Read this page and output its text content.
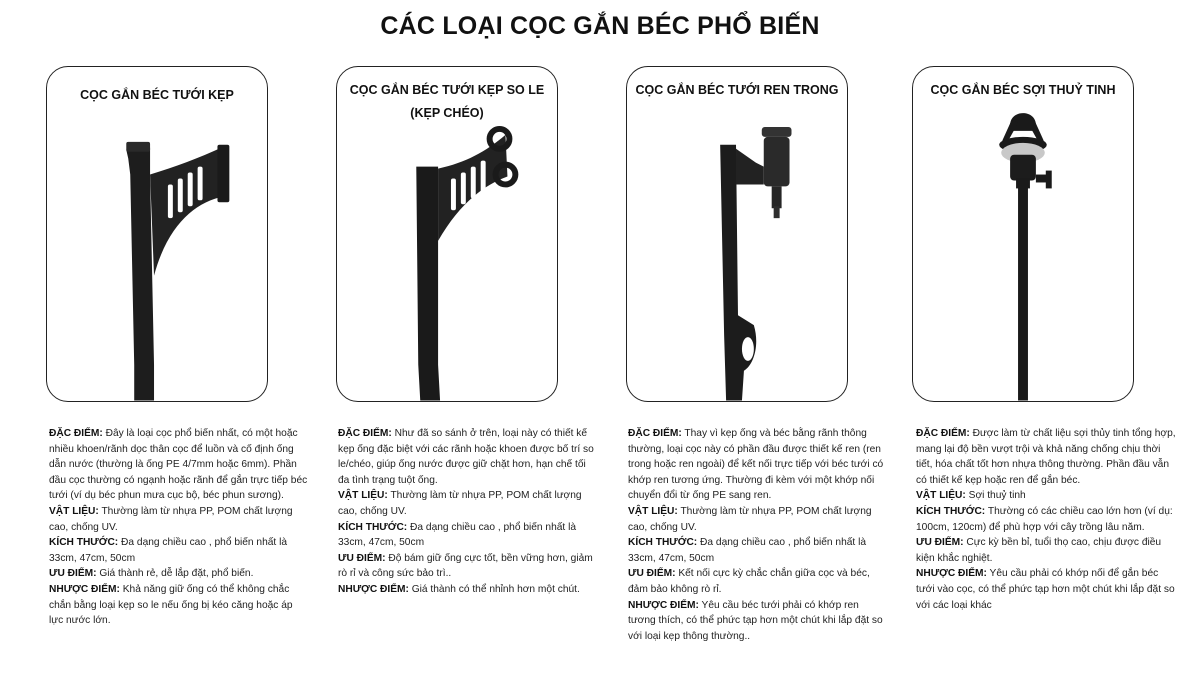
CÁC LOẠI CỌC GẮN BÉC PHỔ BIẾN
CỌC GẮN BÉC TƯỚI KẸP	CỌC GẮN BÉC TƯỚI KẸP SO LE
(KẸP CHÉO)
CỌC GẮN BÉC TƯỚI REN TRONG	CỌC GẮN BÉC SỢI THUỶ TINH

ĐẶC ĐIỂM: Đây là loại cọc phổ biến nhất, có một hoặc nhiều khoen/rãnh dọc thân cọc để luồn và cố định ống dẫn nước (thường là ống PE 4/7mm hoặc 6mm). Phần đầu cọc thường có ngạnh hoặc rãnh để gắn trực tiếp béc tưới (ví dụ béc phun mưa cục bộ, béc phun sương).

VẬT LIỆU: Thường làm từ nhựa PP, POM chất lượng cao, chống UV.

KÍCH THƯỚC: Đa dạng chiều cao , phổ biến nhất là 33cm, 47cm, 50cm

ƯU ĐIỂM: Giá thành rẻ, dễ lắp đặt, phổ biến.

NHƯỢC ĐIỂM: Khả năng giữ ống có thể không chắc chắn bằng loại kẹp so le nếu ống bị kéo căng hoặc áp lực nước lớn.

ĐẶC ĐIỂM: Như đã so sánh ở trên, loại này có thiết kế kẹp ống đặc biệt với các rãnh hoặc khoen được bố trí so le/chéo, giúp ống nước được giữ chặt hơn, hạn chế tối đa tình trạng tuột ống.

VẬT LIỆU: Thường làm từ nhựa PP, POM chất lượng cao, chống UV.

KÍCH THƯỚC: Đa dạng chiều cao , phổ biến nhất là 33cm, 47cm, 50cm

ƯU ĐIỂM: Độ bám giữ ống cực tốt, bền vững hơn, giảm rò rỉ và công sức bảo trì..

NHƯỢC ĐIỂM: Giá thành có thể nhỉnh hơn một chút.

ĐẶC ĐIỂM: Thay vì kẹp ống và béc bằng rãnh thông thường, loại cọc này có phần đầu được thiết kế ren (ren trong hoặc ren ngoài) để kết nối trực tiếp với béc tưới có khớp ren tương ứng. Thường đi kèm với một khớp nối chuyển đổi từ ống PE sang ren.

VẬT LIỆU: Thường làm từ nhựa PP, POM chất lượng cao, chống UV.

KÍCH THƯỚC: Đa dạng chiều cao , phổ biến nhất là 33cm, 47cm, 50cm

ƯU ĐIỂM: Kết nối cực kỳ chắc chắn giữa cọc và béc, đảm bảo không rò rỉ.

NHƯỢC ĐIỂM: Yêu cầu béc tưới phải có khớp ren tương thích, có thể phức tạp hơn một chút khi lắp đặt so với loại kẹp thông thường..

ĐẶC ĐIỂM: Được làm từ chất liệu sợi thủy tinh tổng hợp, mang lại độ bền vượt trội và khả năng chống chịu thời tiết, hóa chất tốt hơn nhựa thông thường. Phần đầu vẫn có thiết kế kẹp hoặc ren để gắn béc.

VẬT LIỆU: Sợi thuỷ tinh

KÍCH THƯỚC: Thường có các chiều cao lớn hơn (ví dụ: 100cm, 120cm) để phù hợp với cây trồng lâu năm.

ƯU ĐIỂM: Cực kỳ bền bỉ, tuổi thọ cao, chịu được điều kiện khắc nghiệt.

NHƯỢC ĐIỂM: Yêu cầu phải có khớp nối để gắn béc tưới vào cọc, có thể phức tạp hơn một chút khi lắp đặt so với các loại khác
